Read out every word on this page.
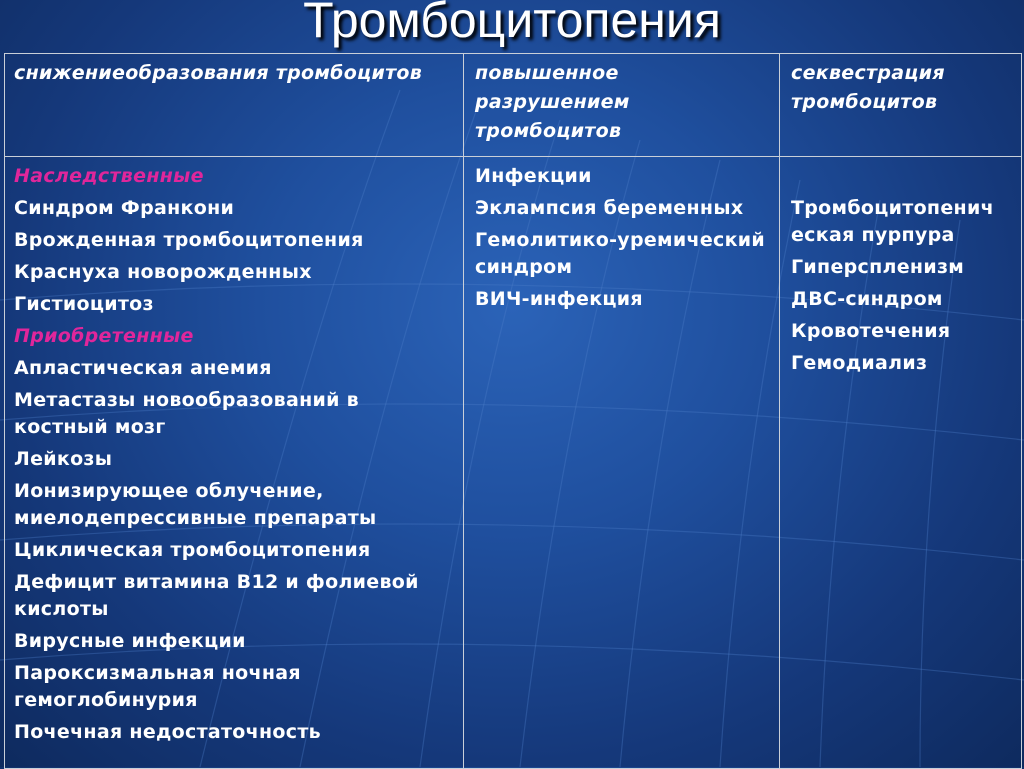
Тромбоцитопения
снижениеобразования тромбоцитов	повышенное разрушением тромбоцитов
секвестрация тромбоцитов
Наследственные
Синдром Франкони
Врожденная тромбоцитопения
Краснуха новорожденных
Гистиоцитоз
Приобретенные
Апластическая анемия
Метастазы новообразований в костный мозг
Лейкозы
Ионизирующее облучение, миелодепрессивные препараты
Циклическая тромбоцитопения
Дефицит витамина В12 и фолиевой кислоты
Вирусные инфекции
Пароксизмальная ночная гемоглобинурия
Почечная недостаточность
Инфекции
Эклампсия беременных
Гемолитико-уремический синдром
ВИЧ-инфекция
Тромбоцитопеническая пурпура
Гиперспленизм
ДВС-синдром
Кровотечения
Гемодиализ
